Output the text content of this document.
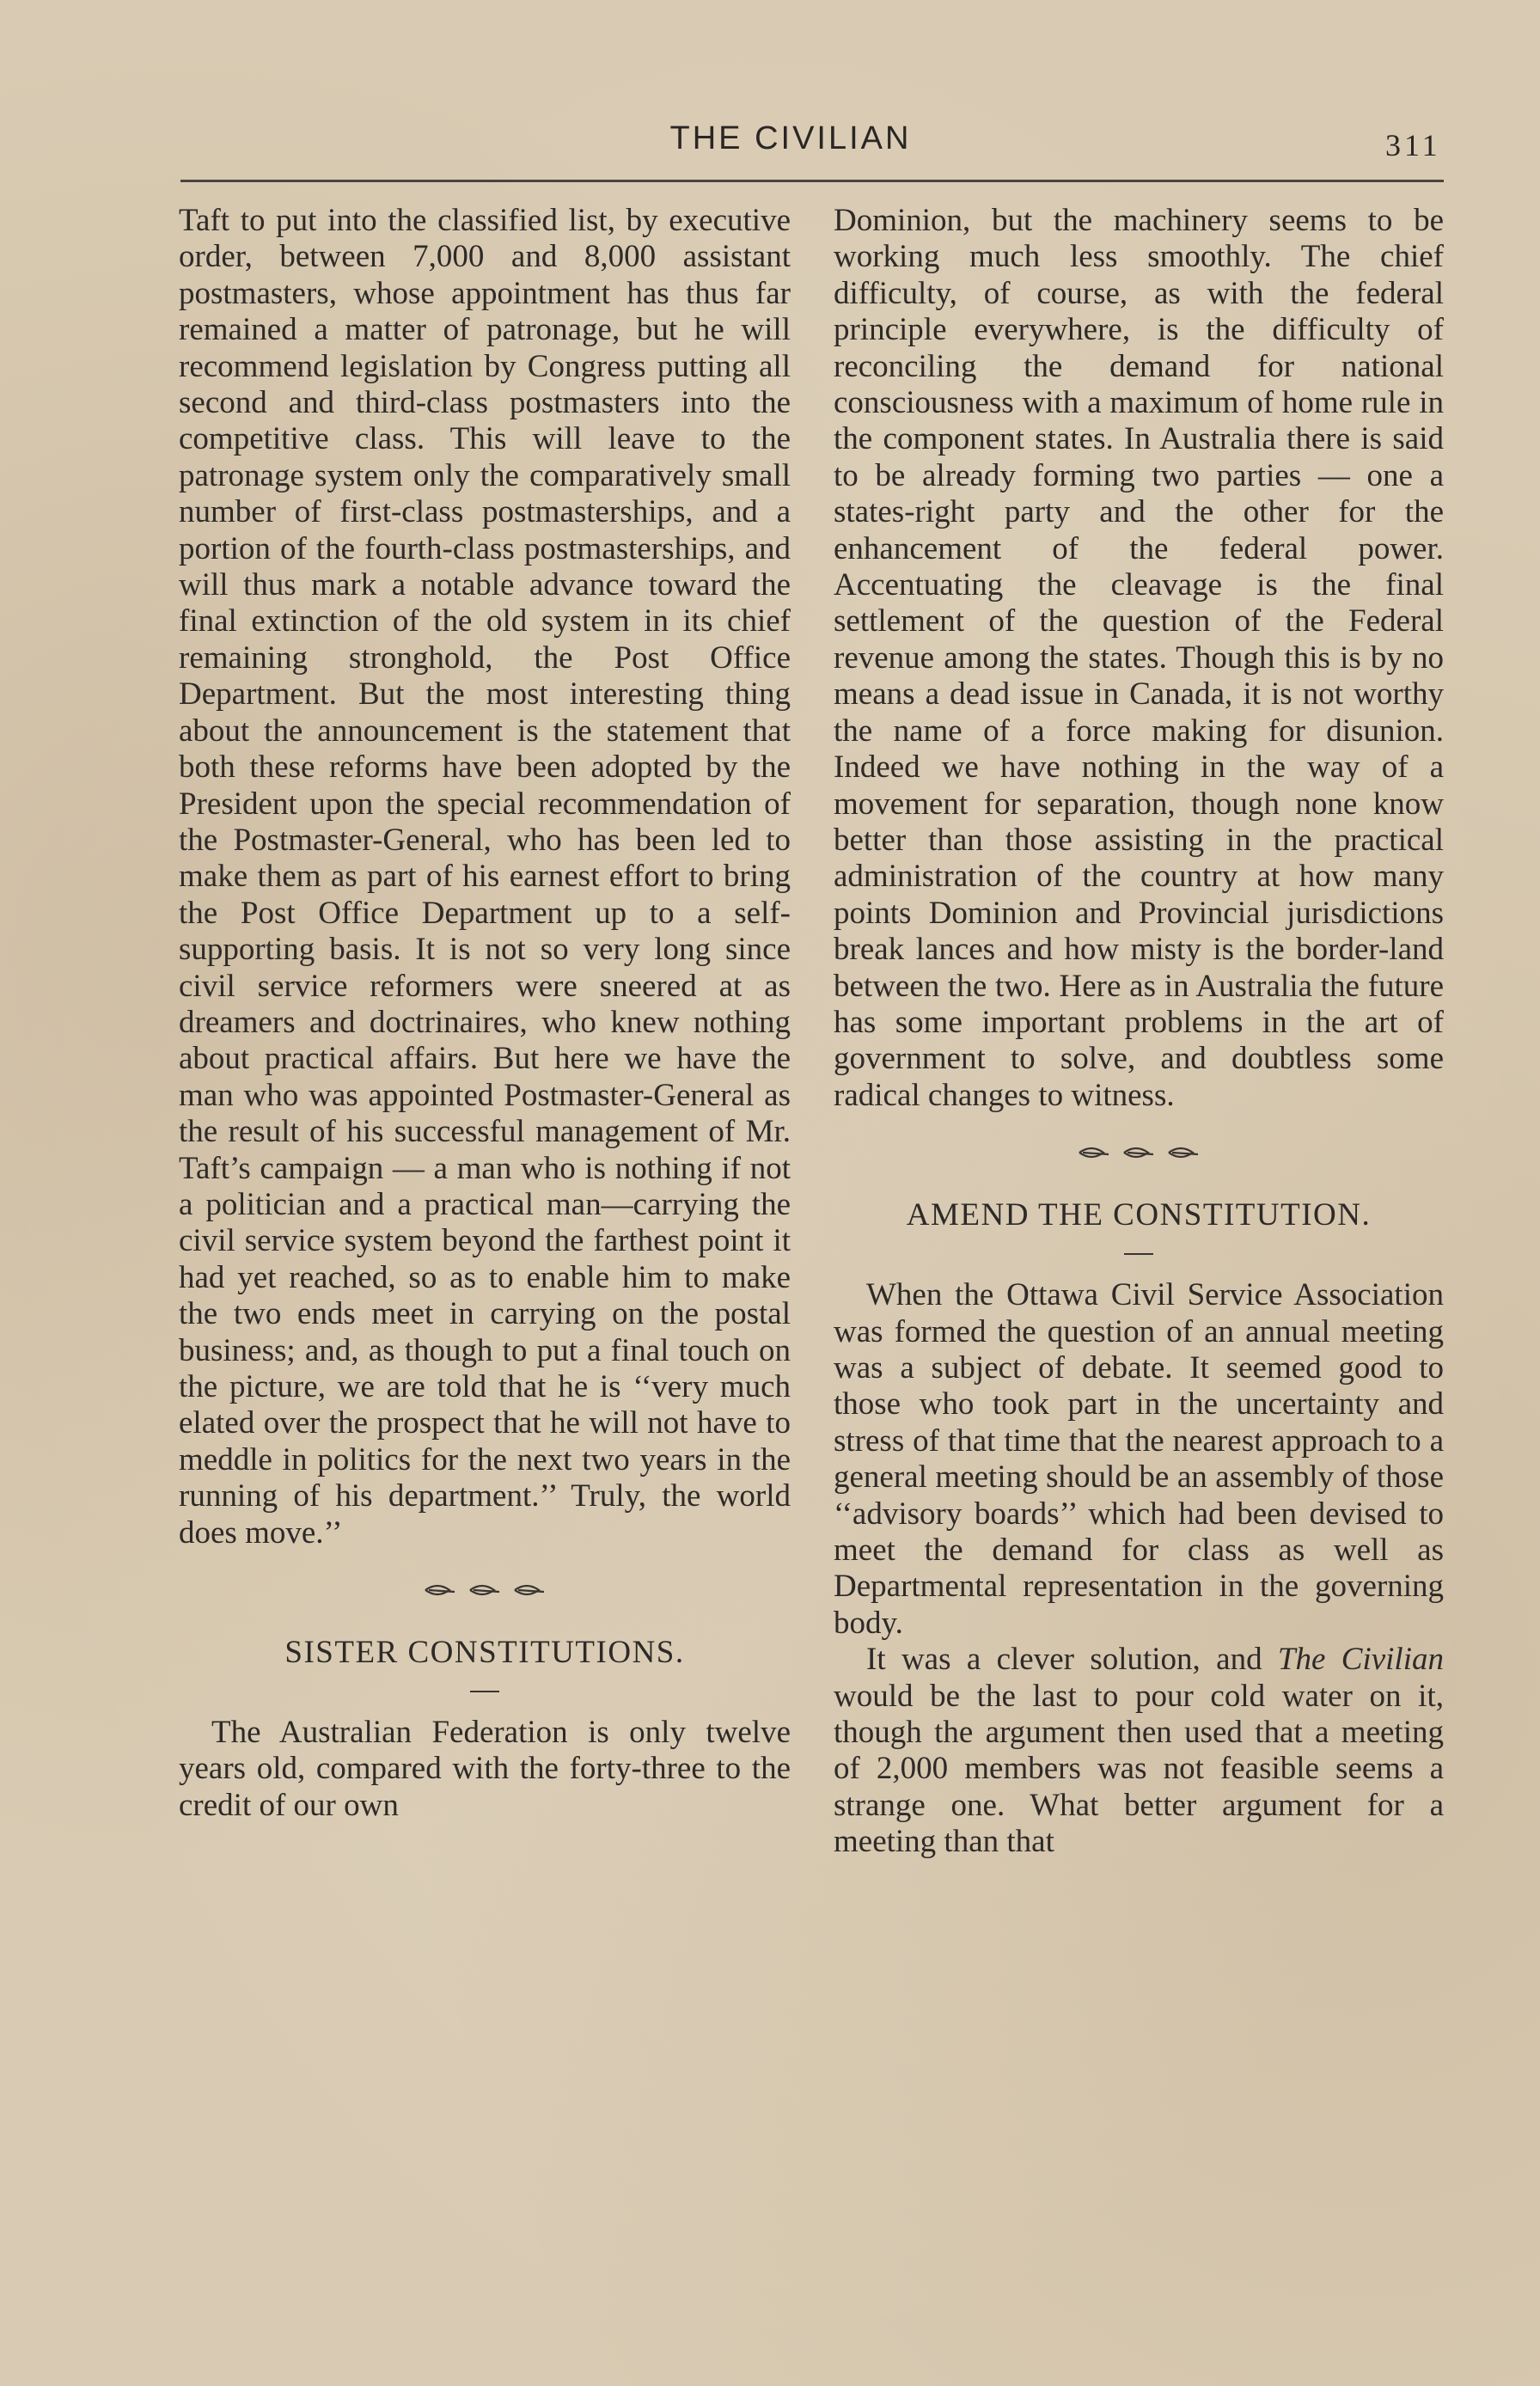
THE CIVILIAN	311

Taft to put into the classified list, by executive order, between 7,000 and 8,000 assistant postmasters, whose appointment has thus far remained a matter of patronage, but he will recommend legislation by Congress putting all second and third-class postmasters into the competitive class. This will leave to the patronage system only the comparatively small number of first-class postmasterships, and a portion of the fourth-class postmasterships, and will thus mark a notable advance toward the final extinction of the old system in its chief remaining stronghold, the Post Office Department. But the most interesting thing about the announcement is the statement that both these reforms have been adopted by the President upon the special recommendation of the Postmaster-General, who has been led to make them as part of his earnest effort to bring the Post Office Department up to a self-supporting basis. It is not so very long since civil service reformers were sneered at as dreamers and doctrinaires, who knew nothing about practical affairs. But here we have the man who was appointed Postmaster-General as the result of his successful management of Mr. Taft’s campaign — a man who is nothing if not a politician and a practical man—carrying the civil service system beyond the farthest point it had yet reached, so as to enable him to make the two ends meet in carrying on the postal business; and, as though to put a final touch on the picture, we are told that he is ‘‘very much elated over the prospect that he will not have to meddle in politics for the next two years in the running of his department.’’ Truly, the world does move.’’

SISTER CONSTITUTIONS.

The Australian Federation is only twelve years old, compared with the forty-three to the credit of our own

Dominion, but the machinery seems to be working much less smoothly. The chief difficulty, of course, as with the federal principle everywhere, is the difficulty of reconciling the demand for national consciousness with a maximum of home rule in the component states. In Australia there is said to be already forming two parties — one a states-right party and the other for the enhancement of the federal power. Accentuating the cleavage is the final settlement of the question of the Federal revenue among the states. Though this is by no means a dead issue in Canada, it is not worthy the name of a force making for disunion. Indeed we have nothing in the way of a movement for separation, though none know better than those assisting in the practical administration of the country at how many points Dominion and Provincial jurisdictions break lances and how misty is the border-land between the two. Here as in Australia the future has some important problems in the art of government to solve, and doubtless some radical changes to witness.

AMEND THE CONSTITUTION.

When the Ottawa Civil Service Association was formed the question of an annual meeting was a subject of debate. It seemed good to those who took part in the uncertainty and stress of that time that the nearest approach to a general meeting should be an assembly of those ‘‘advisory boards’’ which had been devised to meet the demand for class as well as Departmental representation in the governing body.

It was a clever solution, and The Civilian would be the last to pour cold water on it, though the argument then used that a meeting of 2,000 members was not feasible seems a strange one. What better argument for a meeting than that
